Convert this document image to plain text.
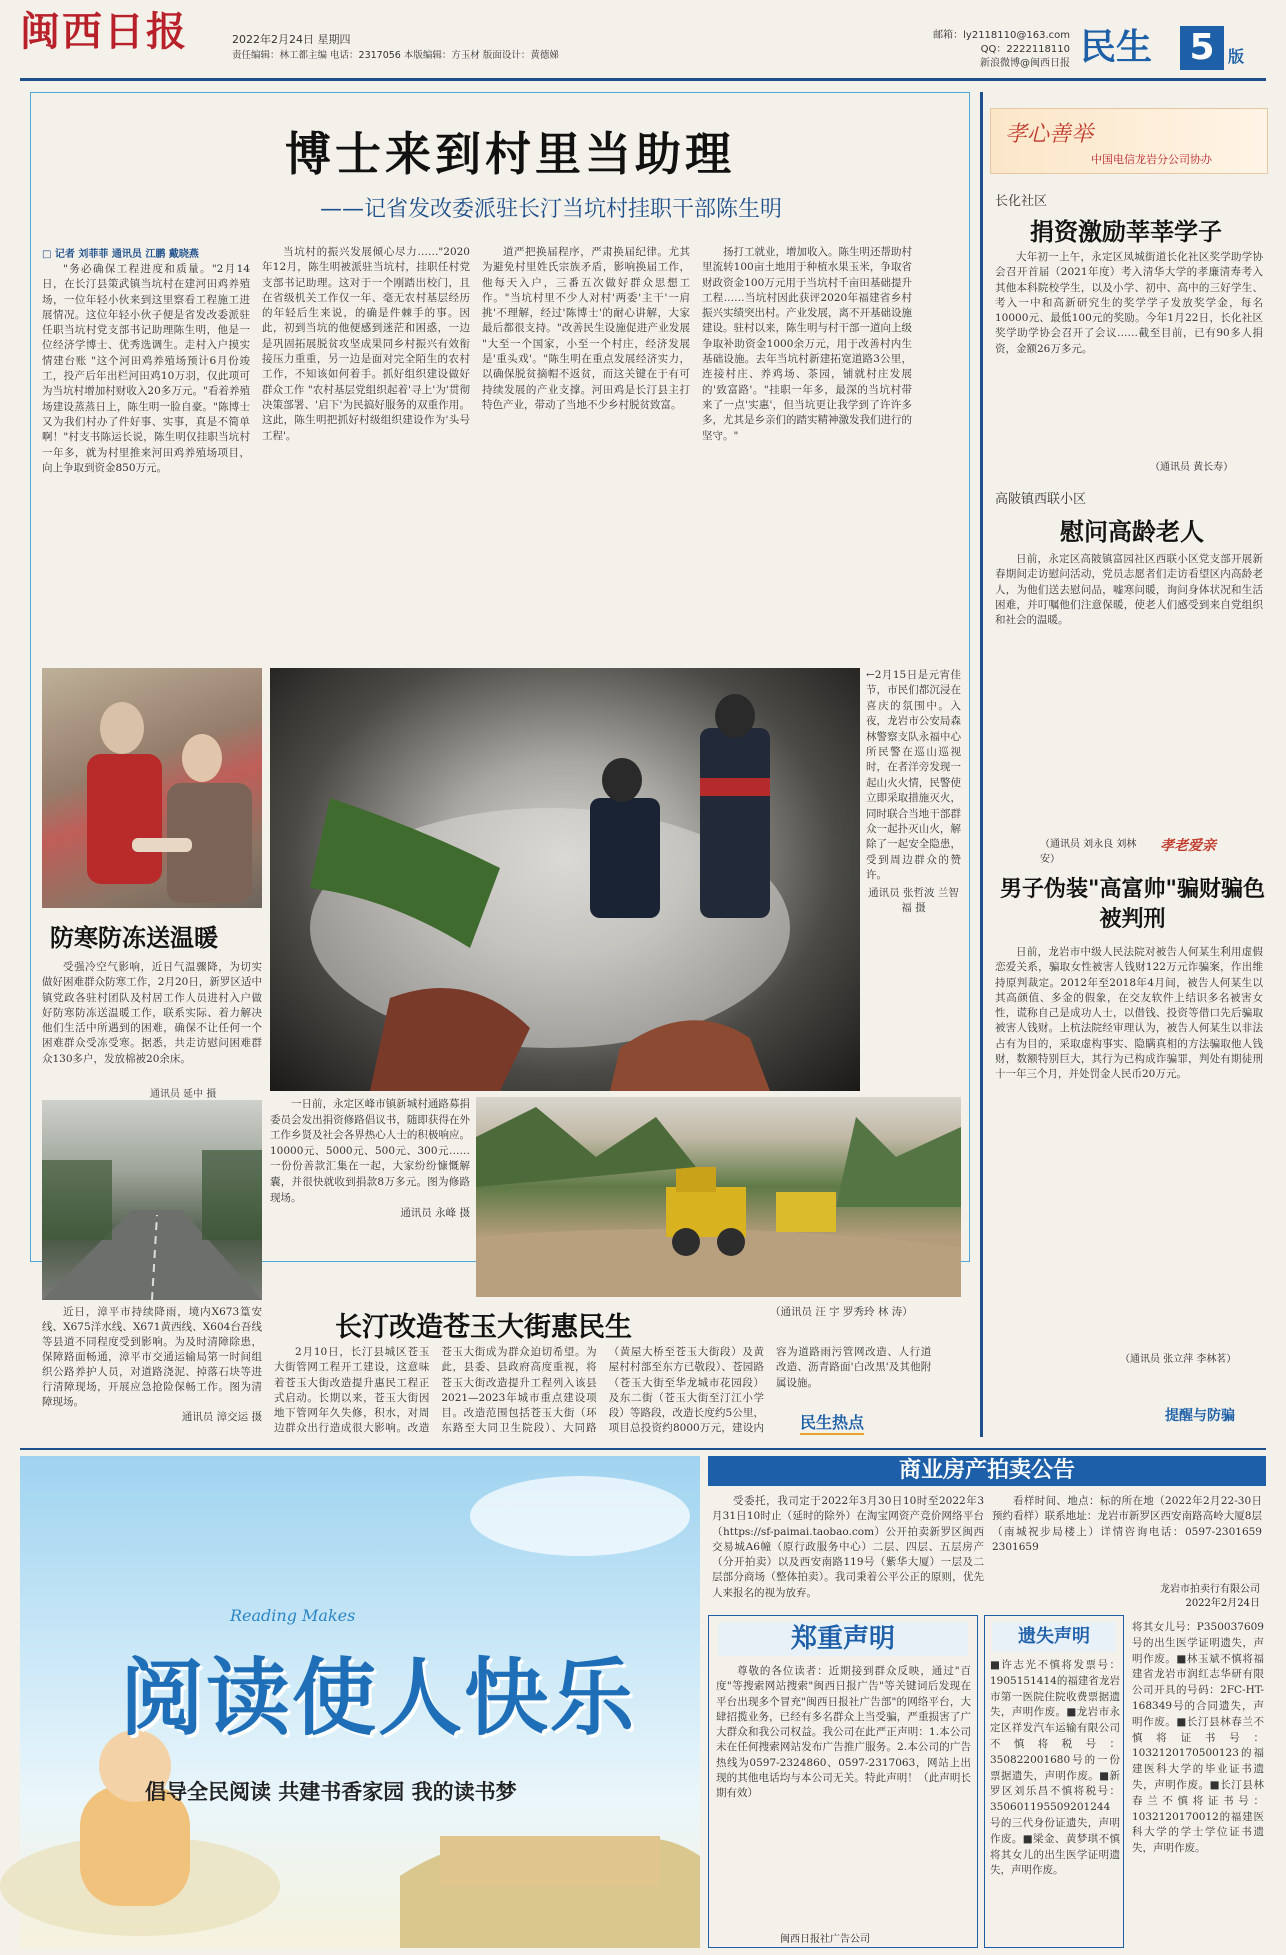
闽西日报	2022年2月24日 星期四
责任编辑：林工都主编 电话：2317056 本版编辑：方玉材 版面设计：黄德娣
邮箱：ly2118110@163.com
QQ：2222118110
新浪微博@闽西日报 民生 5 版
博士来到村里当助理
——记省发改委派驻长汀当坑村挂职干部陈生明
□ 记者 刘菲菲 通讯员 江鹏 戴晓燕

"务必确保工程进度和质量。"2月14日，在长汀县策武镇当坑村在建河田鸡养殖场，一位年轻小伙来到这里察看工程施工进展情况。这位年轻小伙子便是省发改委派驻任职当坑村党支部书记助理陈生明，他是一位经济学博士、优秀选调生。走村入户摸实情建台账 "这个河田鸡养殖场预计6月份竣工，投产后年出栏河田鸡10万羽，仅此项可为当坑村增加村财收入20多万元。"看着养殖场建设蒸蒸日上，陈生明一脸自豪。"陈博士又为我们村办了件好事、实事，真是不简单啊！"村支书陈运长说，陈生明仅挂职当坑村一年多，就为村里推来河田鸡养殖场项目，向上争取到资金850万元。

当坑村的振兴发展倾心尽力……"2020年12月，陈生明被派驻当坑村，挂职任村党支部书记助理。这对于一个刚踏出校门，且在省级机关工作仅一年、毫无农村基层经历的年轻后生来说，的确是件棘手的事。因此，初到当坑的他便感到迷茫和困惑，一边是巩固拓展脱贫攻坚成果同乡村振兴有效衔接压力重重，另一边是面对完全陌生的农村工作，不知该如何着手。抓好组织建设做好群众工作 "农村基层党组织起着'寻上'为'贯彻决策部署、'启下'为民搞好服务的双重作用。这此，陈生明把抓好村级组织建设作为'头号工程'。

道严把换届程序，严肃换届纪律。尤其为避免村里姓氏宗族矛盾，影响换届工作，他每天入户，三番五次做好群众思想工作。"当坑村里不少人对村'两委'主干'一肩挑'不理解，经过'陈博士'的耐心讲解，大家最后都很支持。"改善民生设施促进产业发展 "大至一个国家，小至一个村庄，经济发展是'重头戏'。"陈生明在重点发展经济实力，以确保脱贫摘帽不返贫，而这关键在于有可持续发展的产业支撑。河田鸡是长汀县主打特色产业，带动了当地不少乡村脱贫致富。

扬打工就业，增加收入。陈生明还帮助村里流转100亩土地用于种植水果玉米，争取省财政资金100万元用于当坑村千亩田基础提升工程……当坑村因此获评2020年福建省乡村振兴实绩突出村。产业发展，离不开基础设施建设。驻村以来，陈生明与村干部一道向上级争取补助资金1000余万元，用于改善村内生基础设施。去年当坑村新建拓宽道路3公里，连接村庄、养鸡场、茶园，铺就村庄发展的'致富路'。"挂职一年多，最深的当坑村带来了一点'实惠'，但当坑更让我学到了许许多多，尤其是乡亲们的踏实精神激发我们进行的坚守。"

防寒防冻送温暖

受强冷空气影响，近日气温骤降，为切实做好困难群众防寒工作，2月20日，新罗区适中镇党政各驻村团队及村居工作人员进村入户做好防寒防冻送温暖工作，联系实际、着力解决他们生活中所遇到的困难，确保不让任何一个困难群众受冻受寒。据悉，共走访慰问困难群众130多户，发放棉被20余床。

通讯员 延中 摄
←2月15日是元宵佳节，市民们都沉浸在喜庆的氛围中。入夜，龙岩市公安局森林警察支队永福中心所民警在巡山巡视时，在者洋旁发现一起山火火情，民警使立即采取措施灭火，同时联合当地干部群众一起扑灭山火，解除了一起安全隐患，受到周边群众的赞许。

通讯员 张哲波 兰智福 摄
近日，漳平市持续降雨，境内X673篁安线、X675洋水线、X671黄西线、X604台吾线等县道不同程度受到影响。为及时清障除患，保障路面畅通，漳平市交通运输局第一时间组织公路养护人员，对道路浇泥、掉落石块等进行清障现场，开展应急抢险保畅工作。图为清障现场。
通讯员 漳交运 摄
一日前，永定区峰市镇新城村通路募捐委员会发出捐资修路倡议书，随即获得在外工作乡贤及社会各界热心人士的积极响应。10000元、5000元、500元、300元……一份份善款汇集在一起，大家纷纷慷慨解囊，并很快就收到捐款8万多元。图为修路现场。
通讯员 永峰 摄
长汀改造苍玉大街惠民生

2月10日，长汀县城区苍玉大街管网工程开工建设，这意味着苍玉大街改造提升惠民工程正式启动。长期以来，苍玉大街因地下管网年久失修，积水，对周边群众出行造成很大影响。改造苍玉大街成为群众迫切希望。为此，县委、县政府高度重视，将苍玉大街改造提升工程列入该县2021—2023年城市重点建设项目。改造范围包括苍玉大街（环东路至大同卫生院段）、大同路（黄屋大桥至苍玉大街段）及黄屋村村部至东方已敬段）、苍园路（苍玉大街至华龙城市花园段）及东二街（苍玉大街至汀江小学段）等路段，改造长度约5公里，项目总投资约8000万元，建设内容为道路雨污管网改造、人行道改造、沥青路面'白改黑'及其他附属设施。

（通讯员 汪 宇 罗秀玲 林 涛）
民生热点
孝心善举
中国电信龙岩分公司协办
长化社区
捐资激励莘莘学子

大年初一上午，永定区凤城街道长化社区奖学助学协会召开首届（2021年度）考入清华大学的孝廉清寿考入其他本科院校学生，以及小学、初中、高中的三好学生、考入一中和高新研究生的奖学学子发放奖学金，每名10000元、最低100元的奖励。今年1月22日，长化社区奖学助学协会召开了会议……截至目前，已有90多人捐资，金额26万多元。

（通讯员 黄长寿）
高陂镇西联小区
慰问高龄老人

日前，永定区高陂镇富园社区西联小区党支部开展新春期间走访慰问活动，党员志愿者们走访看望区内高龄老人，为他们送去慰问品，嘘寒问暖，询问身体状况和生活困难，并叮嘱他们注意保暖，使老人们感受到来自党组织和社会的温暖。

（通讯员 刘永良 刘林安）
孝老爱亲
男子伪装"高富帅"骗财骗色被判刑

日前，龙岩市中级人民法院对被告人何某生利用虚假恋爱关系，骗取女性被害人钱财122万元诈骗案，作出维持原判裁定。2012年至2018年4月间，被告人何某生以其高颜值、多金的假象，在交友软件上结识多名被害女性，谎称自己是成功人士，以借钱、投资等借口先后骗取被害人钱财。上杭法院经审理认为，被告人何某生以非法占有为目的，采取虚构事实、隐瞒真相的方法骗取他人钱财，数额特别巨大，其行为已构成诈骗罪，判处有期徒刑十一年三个月，并处罚金人民币20万元。

（通讯员 张立萍 李林茗）
提醒与防骗
Reading Makes
阅读使人快乐
倡导全民阅读 共建书香家园 我的读书梦
商业房产拍卖公告

受委托，我司定于2022年3月30日10时至2022年3月31日10时止（延时的除外）在淘宝网资产竞价网络平台（https://sf-paimai.taobao.com）公开拍卖新罗区闽西交易城A6幢（原行政服务中心）二层、四层、五层房产（分开拍卖）以及西安南路119号（紫华大厦）一层及二层部分商场（整体拍卖）。我司秉着公平公正的原则，优先人来报名的视为放弃。

看样时间、地点：标的所在地（2022年2月22-30日预约看样）联系地址：龙岩市新罗区西安南路高岭大厦8层（南城祝步局楼上）详情咨询电话：0597-2301659 2301659

龙岩市拍卖行有限公司
2022年2月24日
郑重声明

尊敬的各位读者：近期接到群众反映，通过"百度"等搜索网站搜索"闽西日报广告"等关键词后发现在平台出现多个冒充"闽西日报社广告部"的网络平台，大肆招揽业务，已经有多名群众上当受骗，严重损害了广大群众和我公司权益。我公司在此严正声明：1.本公司未在任何搜索网站发布广告推广服务。2.本公司的广告热线为0597-2324860、0597-2317063，网站上出现的其他电话均与本公司无关。特此声明！（此声明长期有效）

闽西日报社广告公司
遗失声明
■许志光不慎将发票号：1905151414的福建省龙岩市第一医院住院收费票据遗失，声明作废。■龙岩市永定区祥发汽车运输有限公司不慎将税号：350822001680号的一份票据遗失，声明作废。■新罗区刘乐昌不慎将税号：350601195509201244号的三代身份证遗失，声明作废。■梁金、黄梦琪不慎将其女儿的出生医学证明遗失，声明作废。
将其女儿号：P350037609号的出生医学证明遗失，声明作废。■林玉斌不慎将福建省龙岩市润红志华研有限公司开具的号码：2FC-HT-168349号的合同遗失，声明作废。■长汀县林春兰不慎将证书号：1032120170500123的福建医科大学的毕业证书遗失，声明作废。■长汀县林春兰不慎将证书号：1032120170012的福建医科大学的学士学位证书遗失，声明作废。
